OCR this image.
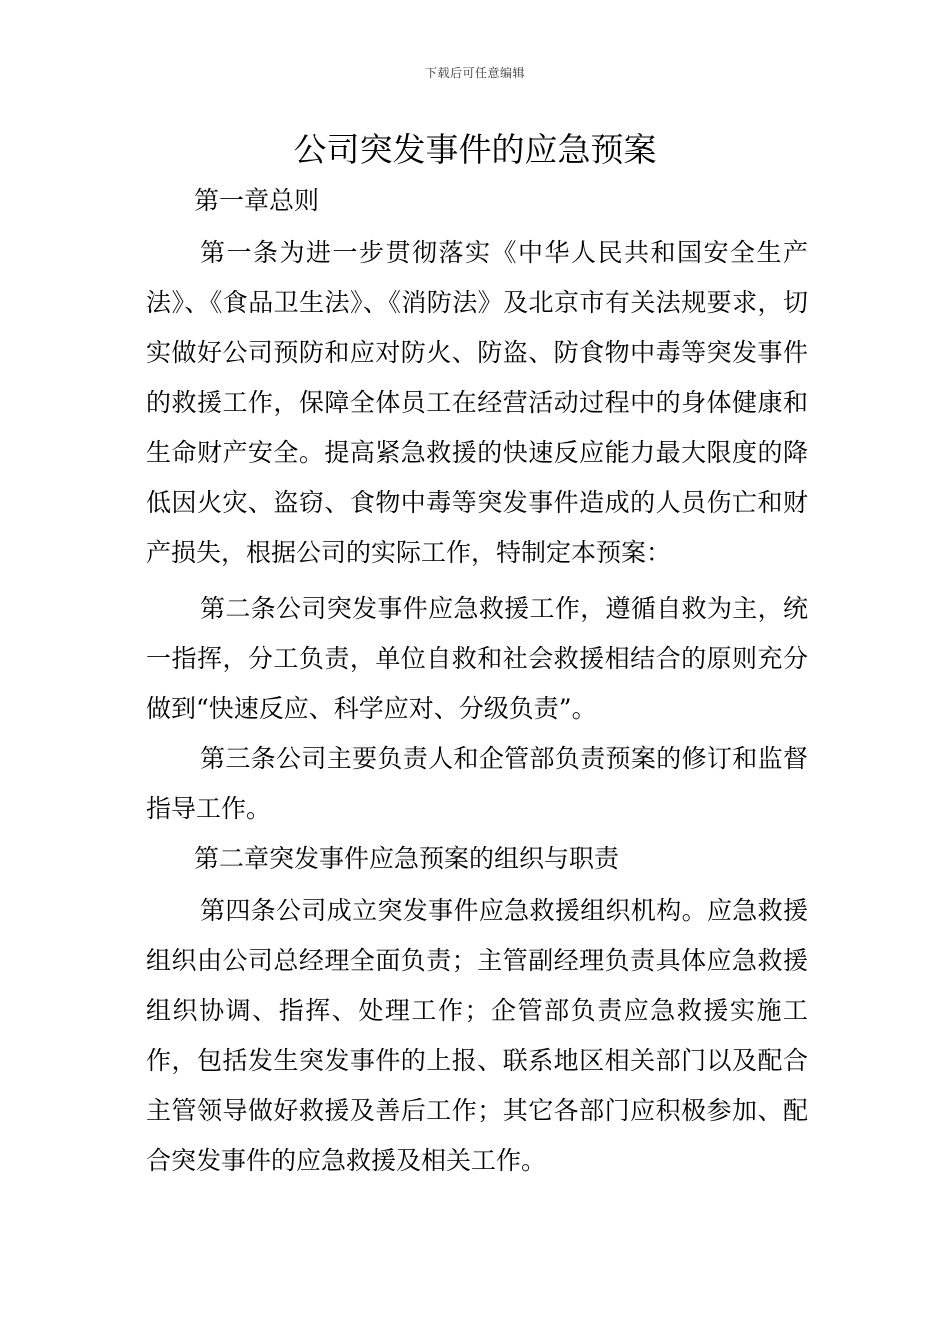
下载后可任意编辑
公司突发事件的应急预案

第一章总则

第一条为进一步贯彻落实《中华人民共和国安全生产法》、《食品卫生法》、《消防法》及北京市有关法规要求，切实做好公司预防和应对防火、防盗、防食物中毒等突发事件的救援工作，保障全体员工在经营活动过程中的身体健康和生命财产安全。提高紧急救援的快速反应能力最大限度的降低因火灾、盗窃、食物中毒等突发事件造成的人员伤亡和财产损失，根据公司的实际工作，特制定本预案：

第二条公司突发事件应急救援工作，遵循自救为主，统一指挥，分工负责，单位自救和社会救援相结合的原则充分做到“快速反应、科学应对、分级负责”。

第三条公司主要负责人和企管部负责预案的修订和监督指导工作。

第二章突发事件应急预案的组织与职责

第四条公司成立突发事件应急救援组织机构。应急救援组织由公司总经理全面负责；主管副经理负责具体应急救援组织协调、指挥、处理工作；企管部负责应急救援实施工作，包括发生突发事件的上报、联系地区相关部门以及配合主管领导做好救援及善后工作；其它各部门应积极参加、配合突发事件的应急救援及相关工作。
